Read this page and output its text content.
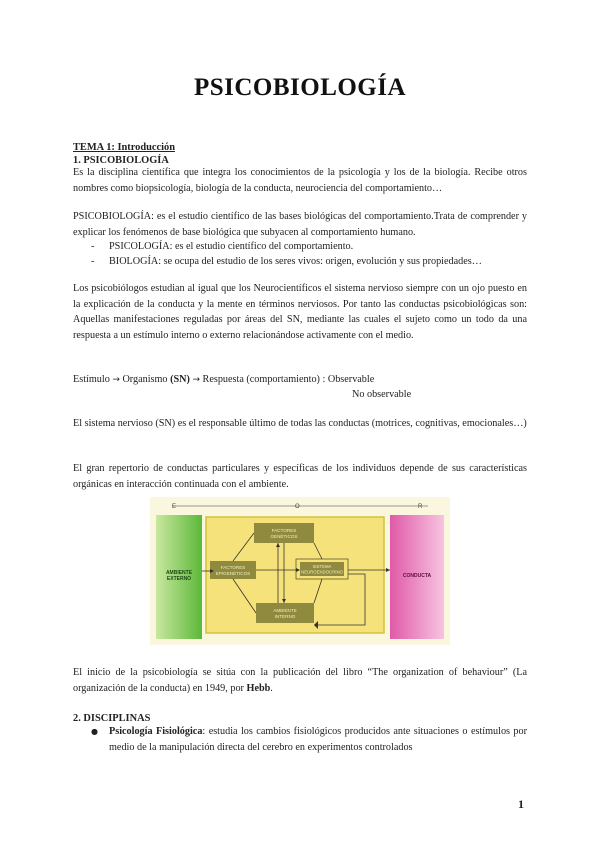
PSICOBIOLOGÍA
TEMA 1: Introducción
1. PSICOBIOLOGÍA
Es la disciplina científica que integra los conocimientos de la psicología y los de la biología. Recibe otros nombres como biopsicología, biología de la conducta, neurociencia del comportamiento…
PSICOBIOLOGÍA: es el estudio científico de las bases biológicas del comportamiento.Trata de comprender y explicar los fenómenos de base biológica que subyacen al comportamiento humano.
- PSICOLOGÍA: es el estudio científico del comportamiento.
- BIOLOGÍA: se ocupa del estudio de los seres vivos: origen, evolución y sus propiedades…
Los psicobiólogos estudian al igual que los Neurocientíficos el sistema nervioso siempre con un ojo puesto en la explicación de la conducta y la mente en términos nerviosos. Por tanto las conductas psicobiológicas son: Aquellas manifestaciones reguladas por áreas del SN, mediante las cuales el sujeto como un todo da una respuesta a un estímulo interno o externo relacionándose activamente con el medio.
Estímulo → Organismo (SN) → Respuesta (comportamiento) : Observable
No observable
El sistema nervioso (SN) es el responsable último de todas las conductas (motrices, cognitivas, emocionales…)
El gran repertorio de conductas particulares y específicas de los individuos depende de sus características orgánicas en interacción continuada con el ambiente.
E	O	R
AMBIENTE
EXTERNO	CONDUCTA
FACTORES
GENÉTICOS
FACTORES
EPIGENÉTICOS
SISTEMA
NEUROENDOCRINO
AMBIENTE
INTERNO
El inicio de la psicobiología se sitúa con la publicación del libro “The organization of behaviour” (La organización de la conducta) en 1949, por Hebb.
2. DISCIPLINAS
● Psicología Fisiológica: estudia los cambios fisiológicos producidos ante situaciones o estímulos por medio de la manipulación directa del cerebro en experimentos controlados
1
